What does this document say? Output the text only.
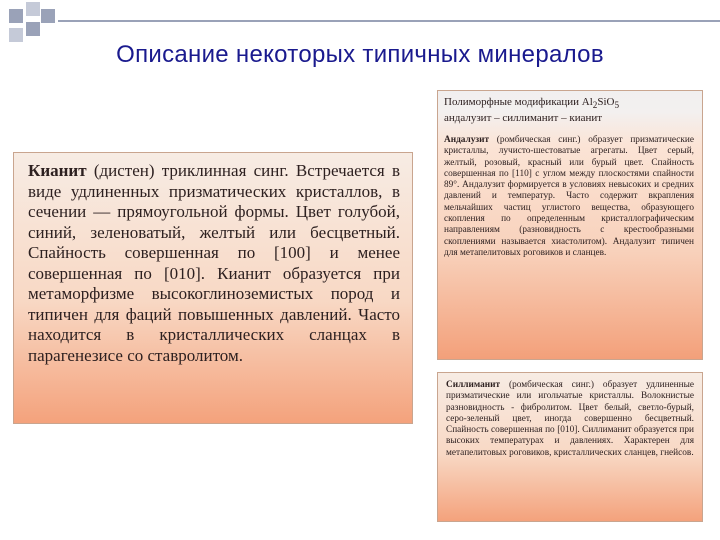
Описание некоторых типичных минералов

Кианит (дистен) триклинная синг. Встречается в виде удлиненных призматических кристаллов, в сечении — прямоугольной формы. Цвет голубой, синий, зеленоватый, желтый или бесцветный. Спайность совершенная по [100] и менее совершенная по [010]. Кианит образуется при метаморфизме высокоглиноземистых пород и типичен для фаций повышенных давлений. Часто находится в кристаллических сланцах в парагенезисе со ставролитом.

Полиморфные модификации $Al_2SiO_5$
андалузит – силлиманит – кианит
Андалузит (ромбическая синг.) образует призматические кристаллы, лучисто-шестоватые агрегаты. Цвет серый, желтый, розовый, красный или бурый цвет. Спайность совершенная по [110] с углом между плоскостями спайности 89°. Андалузит формируется в условиях невысоких и средних давлений и температур. Часто содержит вкрапления мельчайших частиц углистого вещества, образующего скопления по определенным кристаллографическим направлениям (разновидность с крестообразными скоплениями называется хиастолитом). Андалузит типичен для метапелитовых роговиков и сланцев.

Силлиманит (ромбическая синг.) образует удлиненные призматические или игольчатые кристаллы. Волокнистые разновидность - фибролитом. Цвет белый, светло-бурый, серо-зеленый цвет, иногда совершенно бесцветный. Спайность совершенная по [010]. Силлиманит образуется при высоких температурах и давлениях. Характерен для метапелитовых роговиков, кристаллических сланцев, гнейсов.
